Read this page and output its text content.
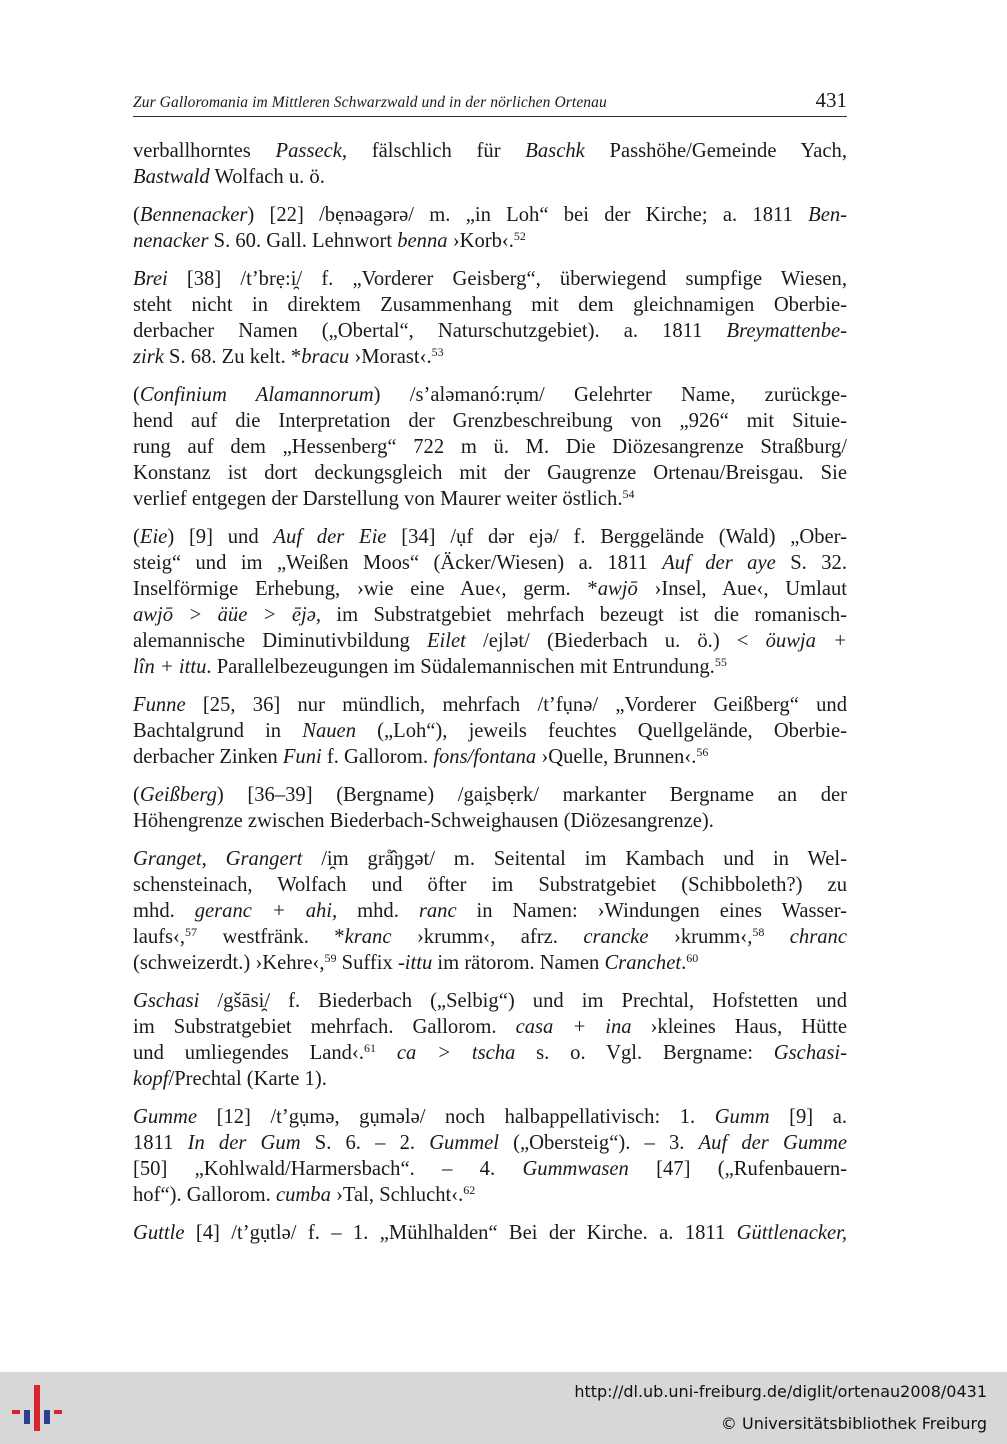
Zur Galloromania im Mittleren Schwarzwald und in der nörlichen Ortenau	431
verballhorntes Passeck, fälschlich für Baschk Passhöhe/Gemeinde Yach,
Bastwald Wolfach u. ö.
(Bennenacker) [22] /bẹnəagərə/ m. „in Loh“ bei der Kirche; a. 1811 Ben-
nenacker S. 60. Gall. Lehnwort benna ›Korb‹.$^{52}$
Brei [38] /t’brẹ:i̯/ f. „Vorderer Geisberg“, überwiegend sumpfige Wiesen,
steht nicht in direktem Zusammenhang mit dem gleichnamigen Oberbie-
derbacher Namen („Obertal“, Naturschutzgebiet). a. 1811 Breymattenbe-
zirk S. 68. Zu kelt. *bracu ›Morast‹.$^{53}$
(Confinium Alamannorum) /s’aləmanó:rụm/ Gelehrter Name, zurückge-
hend auf die Interpretation der Grenzbeschreibung von „926“ mit Situie-
rung auf dem „Hessenberg“ 722 m ü. M. Die Diözesangrenze Straßburg/
Konstanz ist dort deckungsgleich mit der Gaugrenze Ortenau/Breisgau. Sie
verlief entgegen der Darstellung von Maurer weiter östlich.$^{54}$
(Eie) [9] und Auf der Eie [34] /ụf dər ejə/ f. Berggelände (Wald) „Ober-
steig“ und im „Weißen Moos“ (Äcker/Wiesen) a. 1811 Auf der aye S. 32.
Inselförmige Erhebung, ›wie eine Aue‹, germ. *awjō ›Insel, Aue‹, Umlaut
awjō > äüe > ējə, im Substratgebiet mehrfach bezeugt ist die romanisch-
alemannische Diminutivbildung Eilet /ejlət/ (Biederbach u. ö.) < öuwja +
lîn + ittu. Parallelbezeugungen im Südalemannischen mit Entrundung.$^{55}$
Funne [25, 36] nur mündlich, mehrfach /t’fụnə/ „Vorderer Geißberg“ und
Bachtalgrund in Nauen („Loh“), jeweils feuchtes Quellgelände, Oberbie-
derbacher Zinken Funi f. Gallorom. fons/fontana ›Quelle, Brunnen‹.$^{56}$
(Geißberg) [36–39] (Bergname) /gai̯sbẹrk/ markanter Bergname an der
Höhengrenze zwischen Biederbach-Schweighausen (Diözesangrenze).
Granget, Grangert /i̯m grå̂ŋgət/ m. Seitental im Kambach und in Wel-
schensteinach, Wolfach und öfter im Substratgebiet (Schibboleth?) zu
mhd. geranc + ahi, mhd. ranc in Namen: ›Windungen eines Wasser-
laufs‹,$^{57}$ westfränk. *kranc ›krumm‹, afrz. crancke ›krumm‹,$^{58}$ chranc
(schweizerdt.) ›Kehre‹,$^{59}$ Suffix -ittu im rätorom. Namen Cranchet.$^{60}$
Gschasi /gšāsi̯/ f. Biederbach („Selbig“) und im Prechtal, Hofstetten und
im Substratgebiet mehrfach. Gallorom. casa + ina ›kleines Haus, Hütte
und umliegendes Land‹.$^{61}$ ca > tscha s. o. Vgl. Bergname: Gschasi-
kopf/Prechtal (Karte 1).
Gumme [12] /t’gụmə, gụmələ/ noch halbappellativisch: 1. Gumm [9] a.
1811 In der Gum S. 6. – 2. Gummel („Obersteig“). – 3. Auf der Gumme
[50] „Kohlwald/Harmersbach“. – 4. Gummwasen [47] („Rufenbauern-
hof“). Gallorom. cumba ›Tal, Schlucht‹.$^{62}$
Guttle [4] /t’gụtlə/ f. – 1. „Mühlhalden“ Bei der Kirche. a. 1811 Güttlenacker,
http://dl.ub.uni-freiburg.de/diglit/ortenau2008/0431
© Universitätsbibliothek Freiburg
